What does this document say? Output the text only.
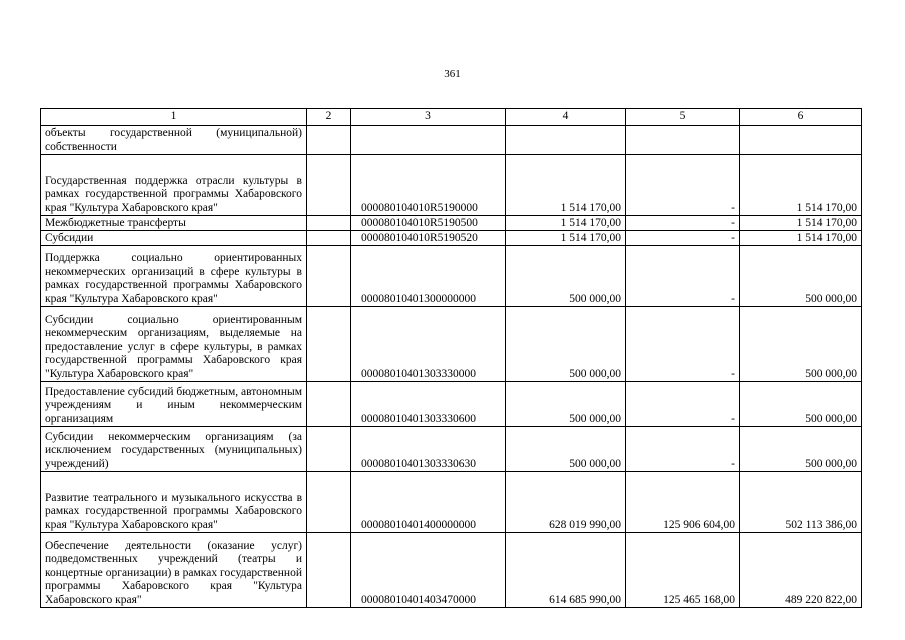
361
1	2	3	4	5	6
объекты государственной (муниципальной) собственности					
Государственная поддержка отрасли культуры в рамках государственной программы Хабаровского края "Культура Хабаровского края"		000080104010R5190000	1 514 170,00	-	1 514 170,00
Межбюджетные трансферты		000080104010R5190500	1 514 170,00	-	1 514 170,00
Субсидии		000080104010R5190520	1 514 170,00	-	1 514 170,00
Поддержка социально ориентированных некоммерческих организаций в сфере культуры в рамках государственной программы Хабаровского края "Культура Хабаровского края"		00008010401300000000	500 000,00	-	500 000,00
Субсидии социально ориентированным некоммерческим организациям, выделяемые на предоставление услуг в сфере культуры, в рамках государственной программы Хабаровского края "Культура Хабаровского края"		00008010401303330000	500 000,00	-	500 000,00
Предоставление субсидий бюджетным, автономным учреждениям и иным некоммерческим организациям		00008010401303330600	500 000,00	-	500 000,00
Субсидии некоммерческим организациям (за исключением государственных (муниципальных) учреждений)		00008010401303330630	500 000,00	-	500 000,00
Развитие театрального и музыкального искусства в рамках государственной программы Хабаровского края "Культура Хабаровского края"		00008010401400000000	628 019 990,00	125 906 604,00	502 113 386,00
Обеспечение деятельности (оказание услуг) подведомственных учреждений (театры и концертные организации) в рамках государственной программы Хабаровского края "Культура Хабаровского края"		00008010401403470000	614 685 990,00	125 465 168,00	489 220 822,00
